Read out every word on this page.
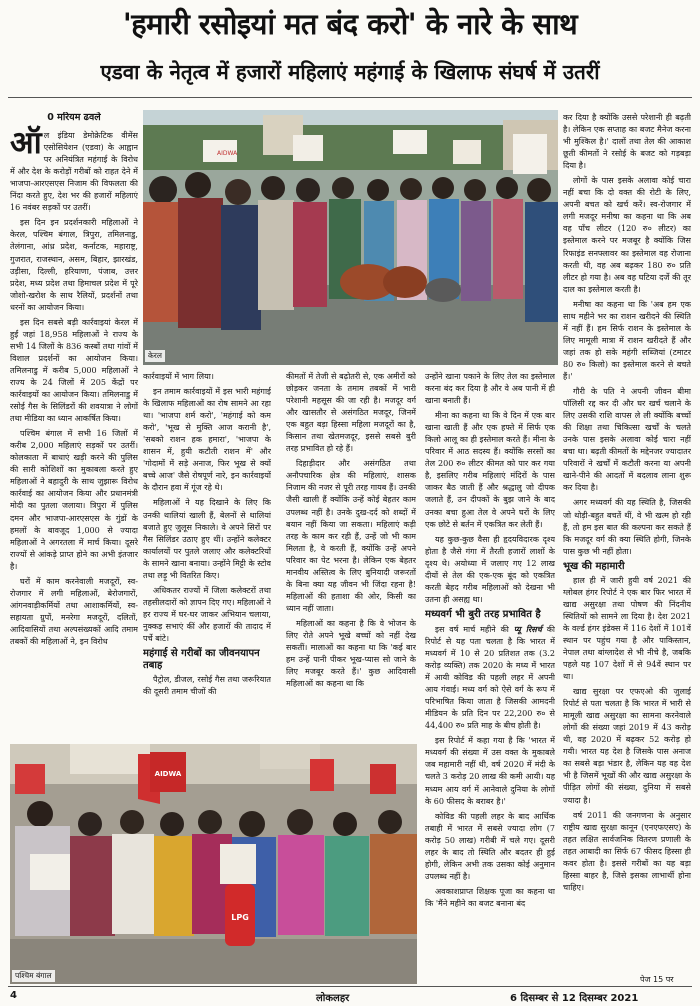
'हमारी रसोइयां मत बंद करो' के नारे के साथ
एडवा के नेतृत्व में हजारों महिलाएं महंगाई के खिलाफ संघर्ष में उतरीं
0 मरियम ढवले

ऑल इंडिया डेमोक्रेटिक वीमेंस एसोसियेशन (एडवा) के आह्वान पर अनियंत्रित महंगाई के विरोध में और देश के करोड़ों गरीबों को राहत देने में भाजपा-आरएसएस निजाम की विफलता की निंदा करते हुए, देश भर की हजारों महिलाएं 16 नवंबर सड़कों पर उतरीं।

इस दिन इन प्रदर्शनकारी महिलाओं ने केरल, पश्चिम बंगाल, त्रिपुरा, तमिलनाडु, तेलंगाना, आंध्र प्रदेश, कर्नाटक, महाराष्ट्र, गुजरात, राजस्थान, असम, बिहार, झारखंड, उड़ीसा, दिल्ली, हरियाणा, पंजाब, उत्तर प्रदेश, मध्य प्रदेश तथा हिमाचल प्रदेश में पूरे जोशो-खरोश के साथ रैलियों, प्रदर्शनों तथा धरनों का आयोजन किया।

इस दिन सबसे बड़ी कार्रवाइयां केरल में हुईं जहां 18,958 महिलाओं ने राज्य के सभी 14 जिलों के 836 कस्बों तथा गांवों में विशाल प्रदर्शनों का आयोजन किया। तमिलनाडु में करीब 5,000 महिलाओं ने राज्य के 24 जिलों में 205 केंद्रों पर कार्रवाइयों का आयोजन किया। तमिलनाडु में रसोई गैस के सिलिंडरों की शवयात्रा ने लोगों तथा मीडिया का ध्यान आकर्षित किया।

पश्चिम बंगाल में सभी 16 जिलों में करीब 2,000 महिलाएं सड़कों पर उतरीं। कोलकाता में बाधाएं खड़ी करने की पुलिस की सारी कोशिशों का मुकाबला करते हुए महिलाओं ने बहादुरी के साथ जुझारू विरोध कार्रवाई का आयोजन किया और प्रधानमंत्री मोदी का पुतला जलाया। त्रिपुरा में पुलिस दमन और भाजपा-आरएसएस के गुंडों के हमलों के बावजूद 1,000 से ज्यादा महिलाओं ने अगरतला में मार्च किया। दूसरे राज्यों से आंकड़े प्राप्त होने का अभी इंतजार है।

घरों में काम करनेवाली मजदूरों, स्व-रोजगार में लगी महिलाओं, बेरोजगारों, आंगनवाड़ीकर्मियों तथा आशाकर्मियों, स्व-सहायता ग्रुपों, मनरेगा मजदूरों, दलितों, आदिवासियों तथा अल्पसंख्यकों आदि तमाम तबकों की महिलाओं ने, इन विरोध

AIDWA
केरल

कार्रवाइयों में भाग लिया।

इन तमाम कार्रवाइयों में इस भारी महंगाई के खिलाफ महिलाओं का रोष सामने आ रहा था। 'भाजपा शर्म करो', 'महंगाई को कम करो', 'भूख से मुक्ति आज करानी है', 'सबको राशन हक हमारा', 'भाजपा के शासन में, हुयी कटौती राशन में' और 'गोदामों में सड़े अनाज, फिर भूख से क्यों बच्चे आज' जैसे रोषपूर्ण नारे, इन कार्रवाइयों के दौरान हवा में गूंज रहे थे।

महिलाओं ने यह दिखाने के लिए कि उनकी थालियां खाली हैं, बेलनों से थालियां बजाते हुए जुलूस निकाले। वे अपने सिरों पर गैस सिलिंडर उठाए हुए थीं। उन्होंने कलेक्टर कार्यालयों पर पुतले जलाए और कलेक्टरियों के सामने खाना बनाया। उन्होंने मिट्टी के स्टोव तथा लड़ू भी वितरित किए।

अधिकतर राज्यों में जिला कलेक्टरों तथा तहसीलदारों को ज्ञापन दिए गए। महिलाओं ने हर राज्य में घर-घर जाकर अभियान चलाया, नुक्कड़ सभाएं कीं और हजारों की तादाद में पर्चे बांटे।

महंगाई से गरीबों का जीवनयापन तबाह

पैट्रोल, डीजल, रसोई गैस तथा जरूरियात की दूसरी तमाम चीजों की

कीमतों में तेजी से बढ़ोतरी से, एक अमीरों को छोड़कर जनता के तमाम तबकों में भारी परेशानी महसूस की जा रही है। मजदूर वर्ग और खासतौर से असंगठित मजदूर, जिनमें एक बहुत बड़ा हिस्सा महिला मजदूरों का है, किसान तथा खेतमजदूर, इससे सबसे बुरी तरह प्रभावित हो रहे हैं।

दिहाड़ीदार और असंगठित तथा अनौपचारिक क्षेत्र की महिलाएं, शासक निजाम की नजर से पूरी तरह गायब हैं। उनकी जैसी खाली हैं क्योंकि उन्हें कोई बेहतर काम उपलब्ध नहीं है। उनके दुख-दर्द को शब्दों में बयान नहीं किया जा सकता। महिलाएं कड़ी तरह के काम कर रही हैं, उन्हें जो भी काम मिलता है, वे करती हैं, क्योंकि उन्हें अपने परिवार का पेट भरना है। लेकिन एक बेहतर मानवीय अस्तित्व के लिए बुनियादी जरूरतों के बिना क्या यह जीवन भी जिंदा रहना है! महिलाओं की हताशा की ओर, किसी का ध्यान नहीं जाता।

महिलाओं का कहना है कि वे भोजन के लिए रोते अपने भूखे बच्चों को नहीं देख सकतीं। मालाओं का कहना था कि 'कई बार हम उन्हें पानी पीकर भूख-प्यास सो जाने के लिए मजबूर करते हैं।' कुछ आदिवासी महिलाओं का कहना था कि

उन्होंने खाना पकाने के लिए तेल का इस्तेमाल करना बंद कर दिया है और वे अब पानी में ही खाना बनाती हैं।

मीना का कहना था कि वे दिन में एक बार खाना खाती हैं और एक हफ्ते में सिर्फ एक किलो आलू का ही इस्तेमाल करते हैं। मीना के परिवार में आठ सदस्य हैं। क्योंकि सरसों का तेल 200 रु० लीटर कीमत को पार कर गया है, इसलिए गरीब महिलाएं मंदिरों के पास जाकर बैठ जाती हैं और श्रद्धालु जो दीपक जलाते हैं, उन दीपकों के बुझ जाने के बाद उनका बचा हुआ तेल वे अपने घरों के लिए एक छोटे से बर्तन में एकत्रित कर लेती हैं।

यह कुछ-कुछ वैसा ही हृदयविदारक दृश्य होता है जैसे गंगा में तैरती हजारों लाशों के दृश्य थे। अयोध्या में जलाए गए 12 लाख दीयों से तेल की एक-एक बूंद को एकत्रित करती बेहद गरीब महिलाओं को देखना भी उतना ही असह्य था।

मध्यवर्ग भी बुरी तरह प्रभावित है

इस वर्ष मार्च महीने की प्यू रिसर्च की रिपोर्ट से यह पता चलता है कि भारत में मध्यवर्ग में 10 से 20 प्रतिशत तक (3.2 करोड़ व्यक्ति) तक 2020 के मध्य में भारत में आयी कोविड की पहली लहर में अपनी आय गंवाई। मध्य वर्ग को ऐसे वर्ग के रूप में परिभाषित किया जाता है जिसकी आमदनी मीडियन के प्रति दिन पर 22,200 रु० से 44,400 रु० प्रति माह के बीच होती है।

इस रिपोर्ट में कहा गया है कि 'भारत में मध्यवर्ग की संख्या में उस वक्त के मुकाबले जब महामारी नहीं थी, वर्ष 2020 में मंदी के चलते 3 करोड़ 20 लाख की कमी आयी। यह मध्यम आय वर्ग में आनेवाले दुनिया के लोगों के 60 फीसद के बराबर है।'

कोविड की पहली लहर के बाद आर्थिक तबाही में भारत में सबसे ज्यादा लोग (7 करोड़ 50 लाख) गरीबी में चले गए। दूसरी लहर के बाद तो स्थिति और बदतर ही हुई होगी, लेकिन अभी तक उसका कोई अनुमान उपलब्ध नहीं है।

अवकाशप्राप्त शिक्षक पूजा का कहना था कि 'मैंने महीने का बजट बनाना बंद

कर दिया है क्योंकि उससे परेशानी ही बढ़ती है। लेकिन एक सप्ताह का बजट मैनेज करना भी मुश्किल है।' दालों तथा तेल की आकाश छूती कीमतों ने रसोई के बजट को गड़बड़ा दिया है।

लोगों के पास इसके अलावा कोई चारा नहीं बचा कि दो वक्त की रोटी के लिए, अपनी बचत को खर्च करें। स्व-रोजगार में लगी मजदूर मनीषा का कहना था कि अब वह पाँच लीटर (120 रु० लीटर) का इस्तेमाल करने पर मजबूर है क्योंकि जिस रिफाइंड सनफ्लावर का इस्तेमाल वह रोजाना करती थी, वह अब बढ़कर 180 रु० प्रति लीटर हो गया है। अब वह घटिया दर्जे की तूर दाल का इस्तेमाल करती है।

मनीषा का कहना था कि 'अब हम एक साथ महीने भर का राशन खरीदने की स्थिति में नहीं हैं। हम सिर्फ राशन के इस्तेमाल के लिए मामूली मात्रा में राशन खरीदते हैं और जहां तक हो सके महंगी सब्जियां (टमाटर 80 रु० किलो) का इस्तेमाल करने से बचते हैं।'

गौरी के पति ने अपनी जीवन बीमा पॉलिसी रद्द कर दी और घर खर्च चलाने के लिए उसकी राशि वापस ले ली क्योंकि बच्चों की शिक्षा तथा चिकित्सा खर्चों के चलते उनके पास इसके अलावा कोई चारा नहीं बचा था। बढ़ती कीमतों के मद्देनजर ज्यादातर परिवारों ने खर्चों में कटौती करना या अपनी खाने-पीने की आदतों में बदलाव लाना शुरू कर दिया है।

अगर मध्यवर्ग की यह स्थिति है, जिसकी जो थोड़ी-बहुत बचतें थीं, वे भी खत्म हो रही हैं, तो हम इस बात की कल्पना कर सकते हैं कि मजदूर वर्ग की क्या स्थिति होगी, जिनके पास कुछ भी नहीं होता।

भूख की महामारी

हाल ही में जारी हुयी वर्ष 2021 की ग्लोबल हंगर रिपोर्ट ने एक बार फिर भारत में खाद्य असुरक्षा तथा पोषण की निंदनीय स्थितियों को सामने ला दिया है। देश 2021 के वर्ल्ड हंगर इंडेक्स में 116 देशों में 101वें स्थान पर पहुंच गया है और पाकिस्तान, नेपाल तथा बांग्लादेश से भी नीचे है, जबकि पहले यह 107 देशों में से 94वें स्थान पर था।

खाद्य सुरक्षा पर एफएओ की जुलाई रिपोर्ट से पता चलता है कि भारत में भारी से मामूली खाद्य असुरक्षा का सामना करनेवाले लोगों की संख्या जहां 2019 में 43 करोड़ थी, वह 2020 में बढ़कर 52 करोड़ हो गयी। भारत यह देश है जिसके पास अनाज का सबसे बड़ा भंडार है, लेकिन यह वह देश भी है जिसमें भूखों की और खाद्य असुरक्षा के पीड़ित लोगों की संख्या, दुनिया में सबसे ज्यादा है।

वर्ष 2011 की जनगणना के अनुसार राष्ट्रीय खाद्य सुरक्षा कानून (एनएफएसए) के तहत लक्षित सार्वजनिक वितरण प्रणाली के तहत आबादी का सिर्फ 67 फीसद हिस्सा ही कवर होता है। इससे गरीबों का यह बड़ा हिस्सा बाहर है, जिसे इसका लाभार्थी होना चाहिए।

पेज 15 पर
AIDWA
LPG
पश्चिम बंगाल
4	लोकलहर	6 दिसम्बर से 12 दिसम्बर 2021
